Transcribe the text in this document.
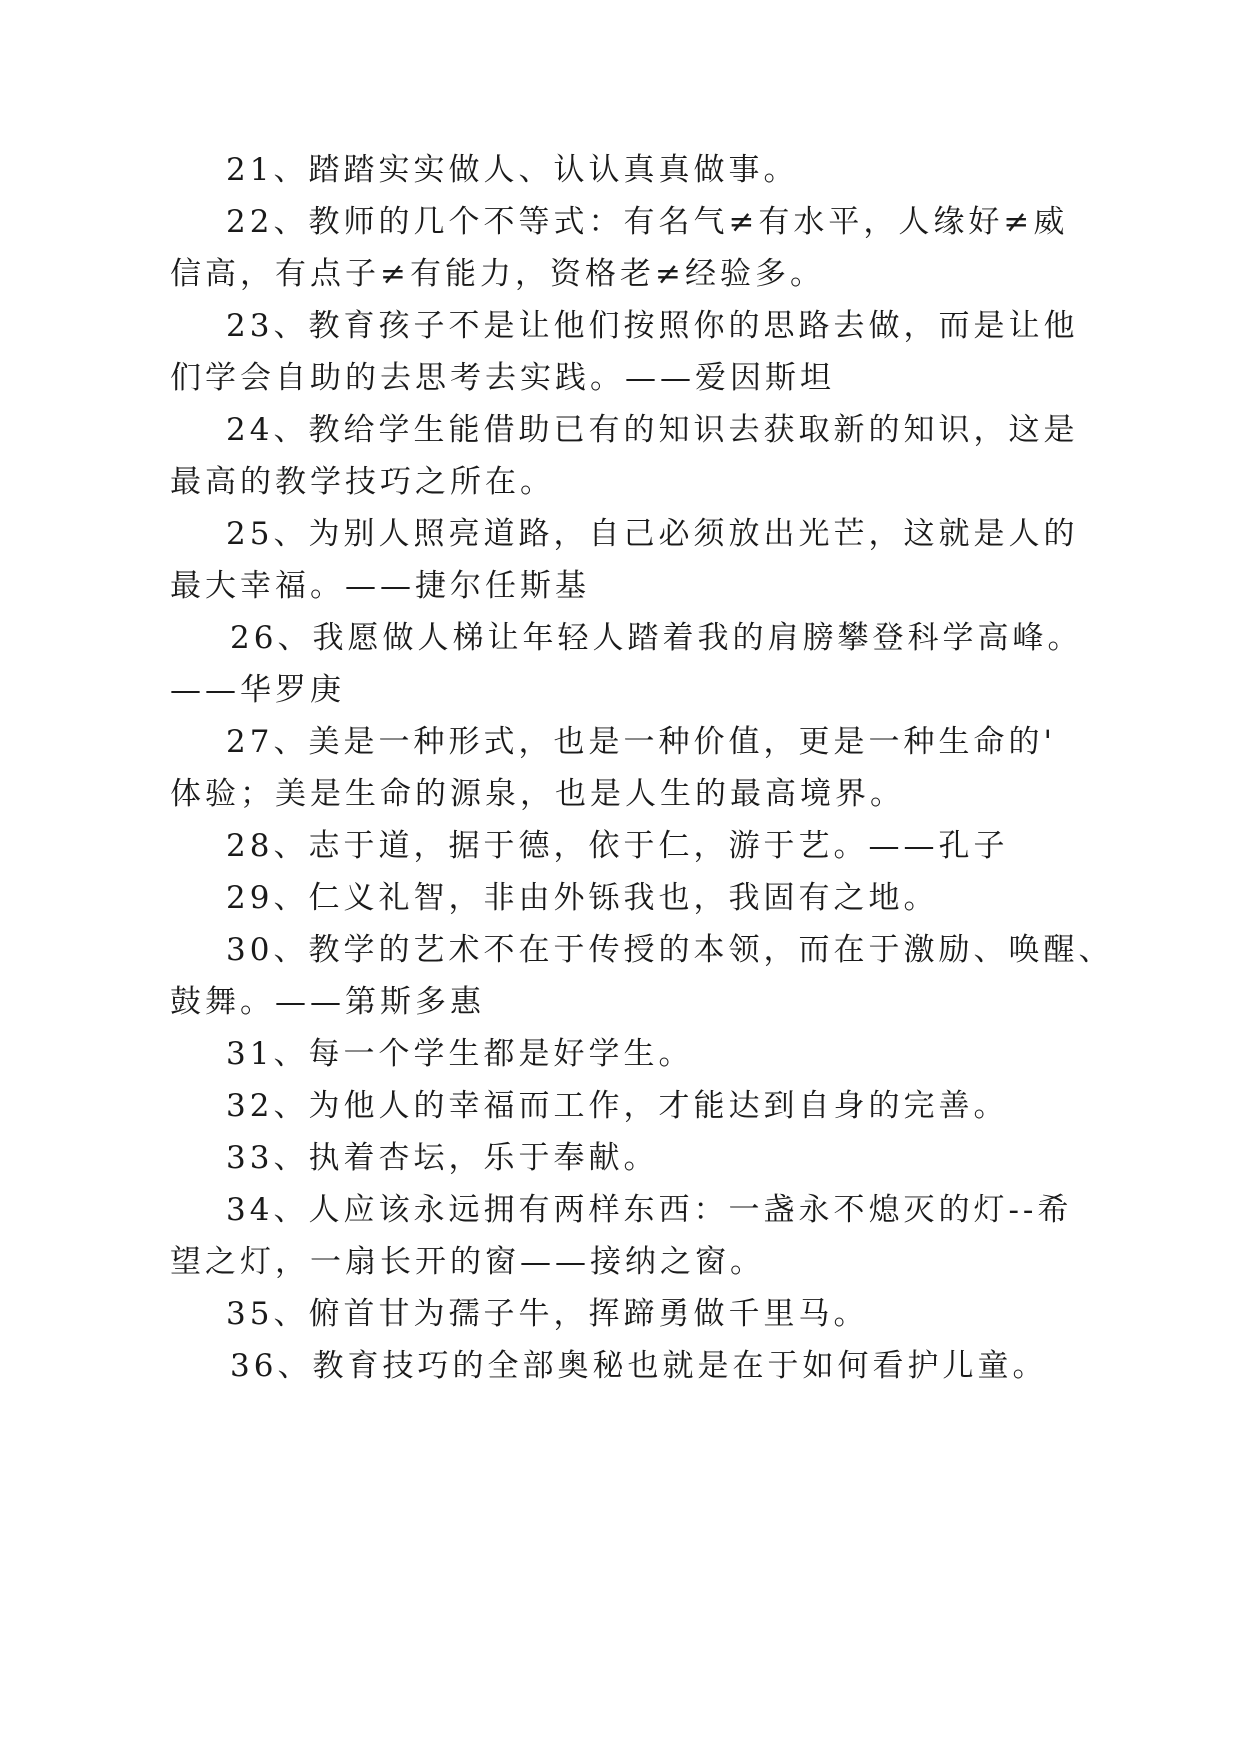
21、踏踏实实做人、认认真真做事。
22、教师的几个不等式：有名气≠有水平，人缘好≠威
信高，有点子≠有能力，资格老≠经验多。
23、教育孩子不是让他们按照你的思路去做，而是让他
们学会自助的去思考去实践。——爱因斯坦
24、教给学生能借助已有的知识去获取新的知识，这是
最高的教学技巧之所在。
25、为别人照亮道路，自己必须放出光芒，这就是人的
最大幸福。——捷尔任斯基
26、我愿做人梯让年轻人踏着我的肩膀攀登科学高峰。
——华罗庚
27、美是一种形式，也是一种价值，更是一种生命的'
体验；美是生命的源泉，也是人生的最高境界。
28、志于道，据于德，依于仁，游于艺。——孔子
29、仁义礼智，非由外铄我也，我固有之地。
30、教学的艺术不在于传授的本领，而在于激励、唤醒、
鼓舞。——第斯多惠
31、每一个学生都是好学生。
32、为他人的幸福而工作，才能达到自身的完善。
33、执着杏坛，乐于奉献。
34、人应该永远拥有两样东西：一盏永不熄灭的灯--希
望之灯，一扇长开的窗——接纳之窗。
35、俯首甘为孺子牛，挥蹄勇做千里马。
36、教育技巧的全部奥秘也就是在于如何看护儿童。
